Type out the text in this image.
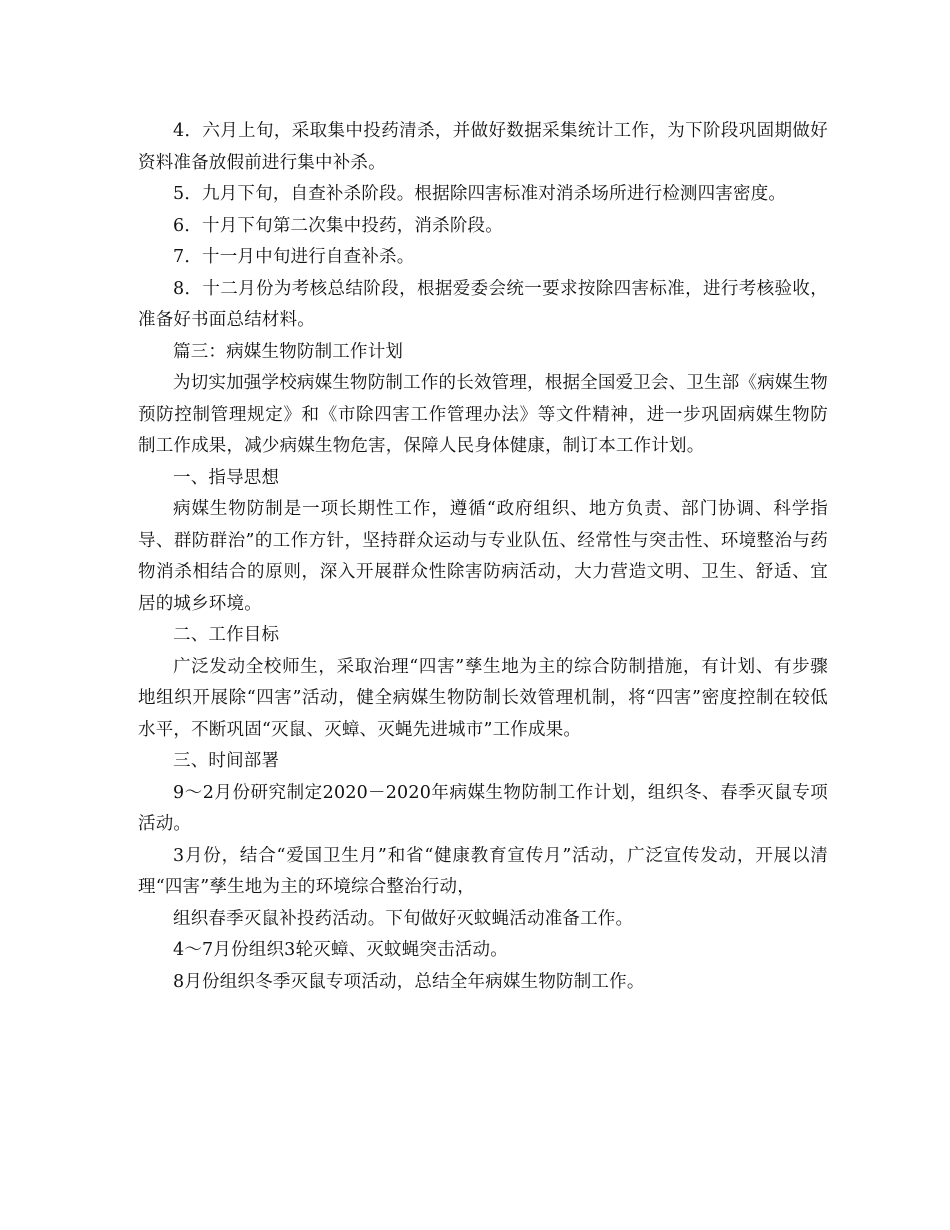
4．六月上旬，采取集中投药清杀，并做好数据采集统计工作，为下阶段巩固期做好资料准备放假前进行集中补杀。

5．九月下旬，自查补杀阶段。根据除四害标准对消杀场所进行检测四害密度。

6．十月下旬第二次集中投药，消杀阶段。

7．十一月中旬进行自查补杀。

8．十二月份为考核总结阶段，根据爱委会统一要求按除四害标准，进行考核验收，准备好书面总结材料。

篇三：病媒生物防制工作计划

为切实加强学校病媒生物防制工作的长效管理，根据全国爱卫会、卫生部《病媒生物预防控制管理规定》和《市除四害工作管理办法》等文件精神，进一步巩固病媒生物防制工作成果，减少病媒生物危害，保障人民身体健康，制订本工作计划。

一、指导思想

病媒生物防制是一项长期性工作，遵循“政府组织、地方负责、部门协调、科学指导、群防群治”的工作方针，坚持群众运动与专业队伍、经常性与突击性、环境整治与药物消杀相结合的原则，深入开展群众性除害防病活动，大力营造文明、卫生、舒适、宜居的城乡环境。

二、工作目标

广泛发动全校师生，采取治理“四害”孳生地为主的综合防制措施，有计划、有步骤地组织开展除“四害”活动，健全病媒生物防制长效管理机制，将“四害”密度控制在较低水平，不断巩固“灭鼠、灭蟑、灭蝇先进城市”工作成果。

三、时间部署

9～2月份研究制定2020－2020年病媒生物防制工作计划，组织冬、春季灭鼠专项活动。

3月份，结合“爱国卫生月”和省“健康教育宣传月”活动，广泛宣传发动，开展以清理“四害”孳生地为主的环境综合整治行动，

组织春季灭鼠补投药活动。下旬做好灭蚊蝇活动准备工作。

4～7月份组织3轮灭蟑、灭蚊蝇突击活动。

8月份组织冬季灭鼠专项活动，总结全年病媒生物防制工作。
